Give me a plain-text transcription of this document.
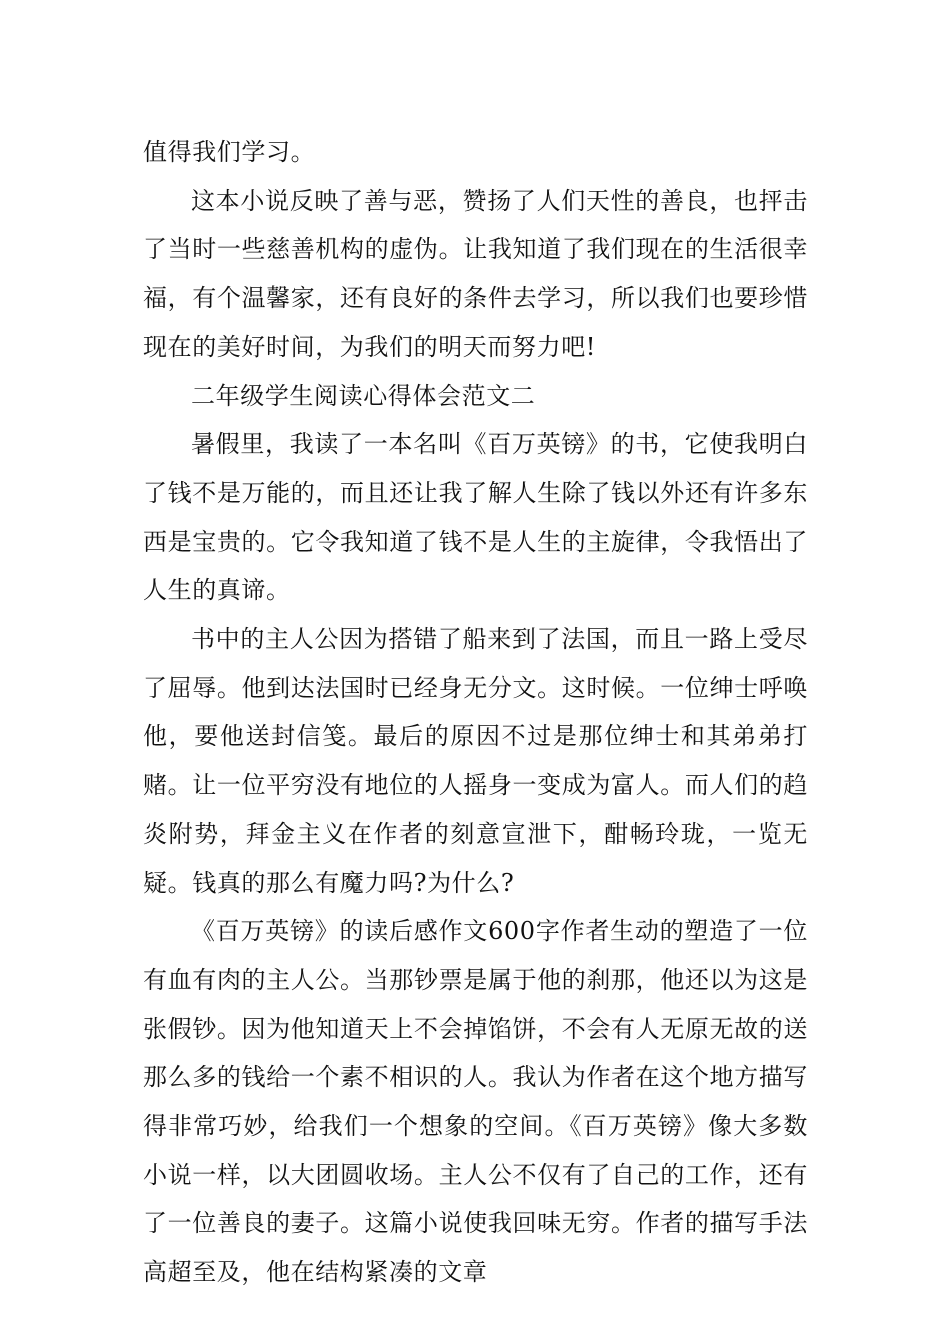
值得我们学习。

这本小说反映了善与恶，赞扬了人们天性的善良，也抨击了当时一些慈善机构的虚伪。让我知道了我们现在的生活很幸福，有个温馨家，还有良好的条件去学习，所以我们也要珍惜现在的美好时间，为我们的明天而努力吧!

二年级学生阅读心得体会范文二

暑假里，我读了一本名叫《百万英镑》的书，它使我明白了钱不是万能的，而且还让我了解人生除了钱以外还有许多东西是宝贵的。它令我知道了钱不是人生的主旋律，令我悟出了人生的真谛。

书中的主人公因为搭错了船来到了法国，而且一路上受尽了屈辱。他到达法国时已经身无分文。这时候。一位绅士呼唤他，要他送封信笺。最后的原因不过是那位绅士和其弟弟打赌。让一位平穷没有地位的人摇身一变成为富人。而人们的趋炎附势，拜金主义在作者的刻意宣泄下，酣畅玲珑，一览无疑。钱真的那么有魔力吗?为什么?

《百万英镑》的读后感作文600字作者生动的塑造了一位有血有肉的主人公。当那钞票是属于他的刹那，他还以为这是张假钞。因为他知道天上不会掉馅饼，不会有人无原无故的送那么多的钱给一个素不相识的人。我认为作者在这个地方描写得非常巧妙，给我们一个想象的空间。《百万英镑》像大多数小说一样，以大团圆收场。主人公不仅有了自己的工作，还有了一位善良的妻子。这篇小说使我回味无穷。作者的描写手法高超至及，他在结构紧凑的文章
